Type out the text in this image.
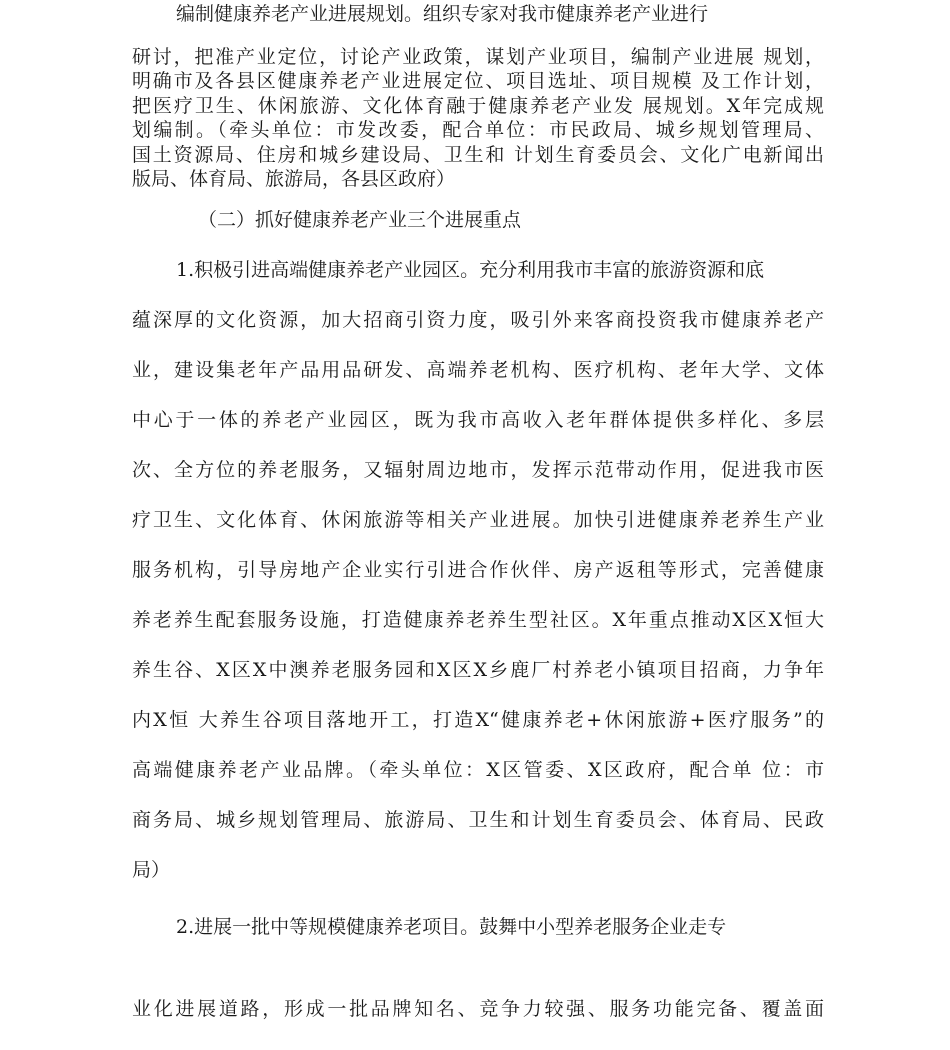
编制健康养老产业进展规划。组织专家对我市健康养老产业进行
研讨，把准产业定位，讨论产业政策，谋划产业项目，编制产业进展 规划，
明确市及各县区健康养老产业进展定位、项目选址、项目规模 及工作计划，
把医疗卫生、休闲旅游、文化体育融于健康养老产业发 展规划。X年完成规
划编制。（牵头单位：市发改委，配合单位：市民政局、城乡规划管理局、
国土资源局、住房和城乡建设局、卫生和 计划生育委员会、文化广电新闻出
版局、体育局、旅游局，各县区政府）
（二）抓好健康养老产业三个进展重点
1.积极引进高端健康养老产业园区。充分利用我市丰富的旅游资源和底
蕴深厚的文化资源，加大招商引资力度，吸引外来客商投资我市健康养老产
业，建设集老年产品用品研发、高端养老机构、医疗机构、老年大学、文体
中心于一体的养老产业园区，既为我市高收入老年群体提供多样化、多层
次、全方位的养老服务，又辐射周边地市，发挥示范带动作用，促进我市医
疗卫生、文化体育、休闲旅游等相关产业进展。加快引进健康养老养生产业
服务机构，引导房地产企业实行引进合作伙伴、房产返租等形式，完善健康
养老养生配套服务设施，打造健康养老养生型社区。X年重点推动X区X恒大
养生谷、X区X中澳养老服务园和X区X乡鹿厂村养老小镇项目招商，力争年
内X恒 大养生谷项目落地开工，打造X“健康养老+休闲旅游+医疗服务”的
高端健康养老产业品牌。（牵头单位：X区管委、X区政府，配合单 位：市
商务局、城乡规划管理局、旅游局、卫生和计划生育委员会、体育局、民政
局）
2.进展一批中等规模健康养老项目。鼓舞中小型养老服务企业走专
业化进展道路，形成一批品牌知名、竞争力较强、服务功能完备、覆盖面
